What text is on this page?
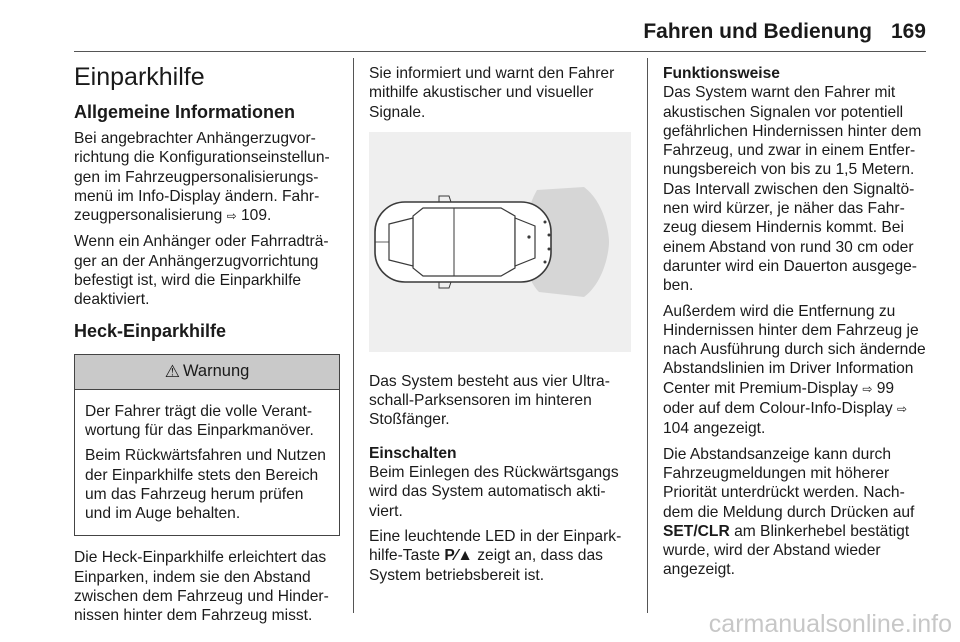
Fahren und Bedienung 169
Einparkhilfe
Allgemeine Informationen

Bei angebrachter Anhängerzugvorrichtung die Konfigurationseinstellungen im Fahrzeugpersonalisierungsmenü im Info-Display ändern. Fahrzeugpersonalisierung ⇨ 109.

Wenn ein Anhänger oder Fahrradträger an der Anhängerzugvorrichtung befestigt ist, wird die Einparkhilfe deaktiviert.

Heck-Einparkhilfe
⚠ Warnung

Der Fahrer trägt die volle Verantwortung für das Einparkmanöver.

Beim Rückwärtsfahren und Nutzen der Einparkhilfe stets den Bereich um das Fahrzeug herum prüfen und im Auge behalten.

Die Heck-Einparkhilfe erleichtert das Einparken, indem sie den Abstand zwischen dem Fahrzeug und Hindernissen hinter dem Fahrzeug misst.

Sie informiert und warnt den Fahrer mithilfe akustischer und visueller Signale.

Das System besteht aus vier Ultraschall-Parksensoren im hinteren Stoßfänger.

Einschalten

Beim Einlegen des Rückwärtsgangs wird das System automatisch aktiviert.

Eine leuchtende LED in der Einparkhilfe-Taste P⁄▲ zeigt an, dass das System betriebsbereit ist.

Funktionsweise

Das System warnt den Fahrer mit akustischen Signalen vor potentiell gefährlichen Hindernissen hinter dem Fahrzeug, und zwar in einem Entfernungsbereich von bis zu 1,5 Metern. Das Intervall zwischen den Signaltönen wird kürzer, je näher das Fahrzeug diesem Hindernis kommt. Bei einem Abstand von rund 30 cm oder darunter wird ein Dauerton ausgegeben.

Außerdem wird die Entfernung zu Hindernissen hinter dem Fahrzeug je nach Ausführung durch sich ändernde Abstandslinien im Driver Information Center mit Premium-Display ⇨ 99 oder auf dem Colour-Info-Display ⇨ 104 angezeigt.

Die Abstandsanzeige kann durch Fahrzeugmeldungen mit höherer Priorität unterdrückt werden. Nachdem die Meldung durch Drücken auf SET/CLR am Blinkerhebel bestätigt wurde, wird der Abstand wieder angezeigt.

carmanualsonline.info
